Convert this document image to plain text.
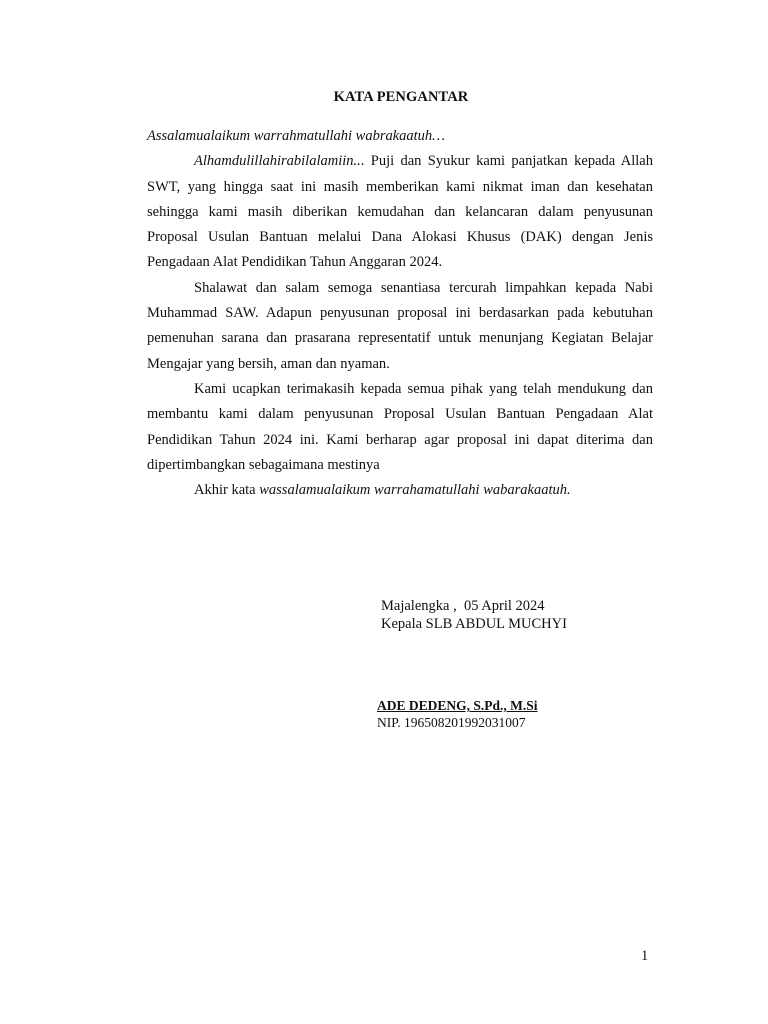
KATA PENGANTAR

Assalamualaikum warrahmatullahi wabrakaatuh…

Alhamdulillahirabilalamiin... Puji dan Syukur kami panjatkan kepada Allah SWT, yang hingga saat ini masih memberikan kami nikmat iman dan kesehatan sehingga kami masih diberikan kemudahan dan kelancaran dalam penyusunan Proposal Usulan Bantuan melalui Dana Alokasi Khusus (DAK) dengan Jenis Pengadaan Alat Pendidikan Tahun Anggaran 2024.

Shalawat dan salam semoga senantiasa tercurah limpahkan kepada Nabi Muhammad SAW. Adapun penyusunan proposal ini berdasarkan pada kebutuhan pemenuhan sarana dan prasarana representatif untuk menunjang Kegiatan Belajar Mengajar yang bersih, aman dan nyaman.

Kami ucapkan terimakasih kepada semua pihak yang telah mendukung dan membantu kami dalam penyusunan Proposal Usulan Bantuan Pengadaan Alat Pendidikan Tahun 2024 ini. Kami berharap agar proposal ini dapat diterima dan dipertimbangkan sebagaimana mestinya

Akhir kata wassalamualaikum warrahamatullahi wabarakaatuh.

Majalengka ,  05 April 2024
Kepala SLB ABDUL MUCHYI
ADE DEDENG, S.Pd., M.Si
NIP. 196508201992031007
1
